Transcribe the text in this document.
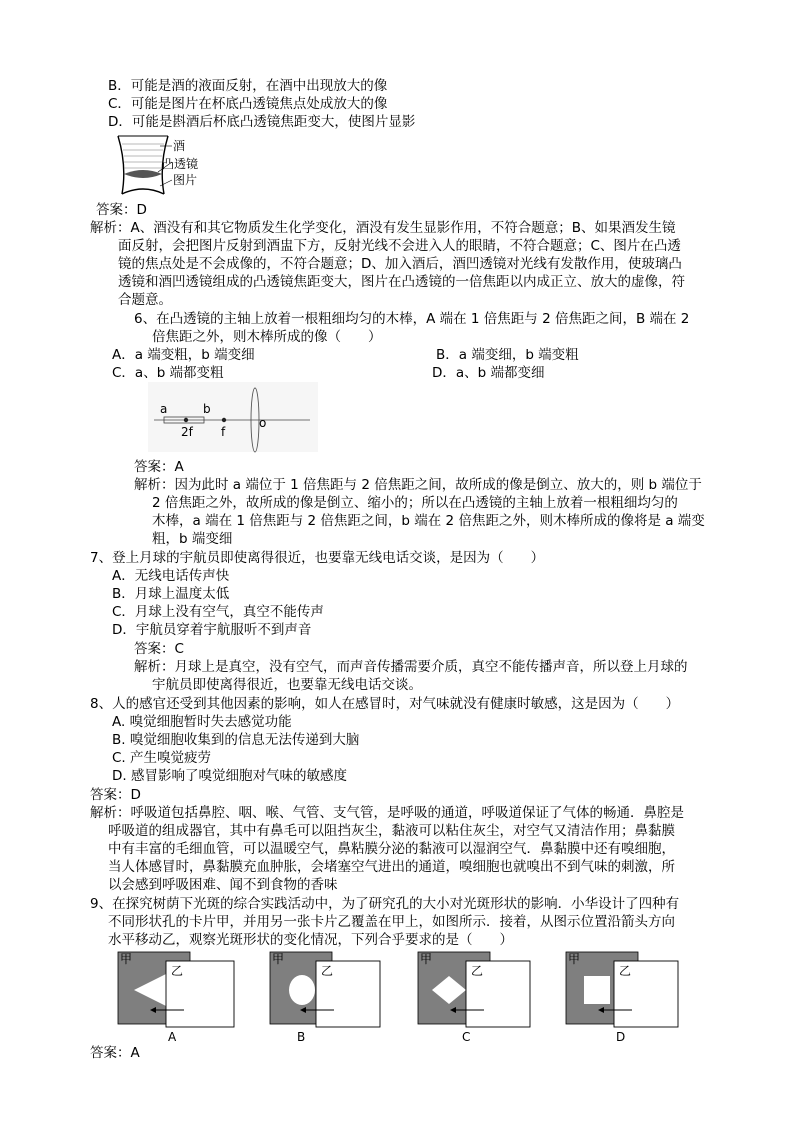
B．可能是酒的液面反射，在酒中出现放大的像
C．可能是图片在杯底凸透镜焦点处成放大的像
D．可能是斟酒后杯底凸透镜焦距变大，使图片显影
酒
凸透镜
图片
答案：D
解析：A、酒没有和其它物质发生化学变化，酒没有发生显影作用，不符合题意；B、如果酒发生镜
面反射，会把图片反射到酒盅下方，反射光线不会进入人的眼睛，不符合题意；C、图片在凸透
镜的焦点处是不会成像的，不符合题意；D、加入酒后，酒凹透镜对光线有发散作用，使玻璃凸
透镜和酒凹透镜组成的凸透镜焦距变大，图片在凸透镜的一倍焦距以内成正立、放大的虚像，符
合题意。
6、在凸透镜的主轴上放着一根粗细均匀的木棒，A 端在 1 倍焦距与 2 倍焦距之间，B 端在 2
倍焦距之外，则木棒所成的像（　　）
A．a 端变粗，b 端变细	B．a 端变细，b 端变粗
C．a、b 端都变粗	D．a、b 端都变细
a	b
2f f
o
答案：A
解析：因为此时 a 端位于 1 倍焦距与 2 倍焦距之间，故所成的像是倒立、放大的，则 b 端位于
2 倍焦距之外，故所成的像是倒立、缩小的；所以在凸透镜的主轴上放着一根粗细均匀的
木棒，a 端在 1 倍焦距与 2 倍焦距之间，b 端在 2 倍焦距之外，则木棒所成的像将是 a 端变
粗，b 端变细
7、登上月球的宇航员即使离得很近，也要靠无线电话交谈，是因为（　　）
A．无线电话传声快
B．月球上温度太低
C．月球上没有空气，真空不能传声
D．宇航员穿着宇航服听不到声音
答案：C
解析：月球上是真空，没有空气，而声音传播需要介质，真空不能传播声音，所以登上月球的
宇航员即使离得很近，也要靠无线电话交谈。
8、人的感官还受到其他因素的影响，如人在感冒时，对气味就没有健康时敏感，这是因为（　　）
A. 嗅觉细胞暂时失去感觉功能
B. 嗅觉细胞收集到的信息无法传递到大脑
C. 产生嗅觉疲劳
D. 感冒影响了嗅觉细胞对气味的敏感度
答案：D
解析：呼吸道包括鼻腔、咽、喉、气管、支气管，是呼吸的通道，呼吸道保证了气体的畅通．鼻腔是
呼吸道的组成器官，其中有鼻毛可以阻挡灰尘，黏液可以粘住灰尘，对空气又清洁作用；鼻黏膜
中有丰富的毛细血管，可以温暖空气，鼻粘膜分泌的黏液可以湿润空气．鼻黏膜中还有嗅细胞，
当人体感冒时，鼻黏膜充血肿胀，会堵塞空气进出的通道，嗅细胞也就嗅出不到气味的刺激，所
以会感到呼吸困难、闻不到食物的香味
9、在探究树荫下光斑的综合实践活动中，为了研究孔的大小对光斑形状的影响．小华设计了四种有
不同形状孔的卡片甲，并用另一张卡片乙覆盖在甲上，如图所示．接着，从图示位置沿箭头方向
水平移动乙，观察光斑形状的变化情况，下列合乎要求的是（　　）
甲
乙
A
甲
乙
B
甲
乙
C
甲
乙
D
答案：A
